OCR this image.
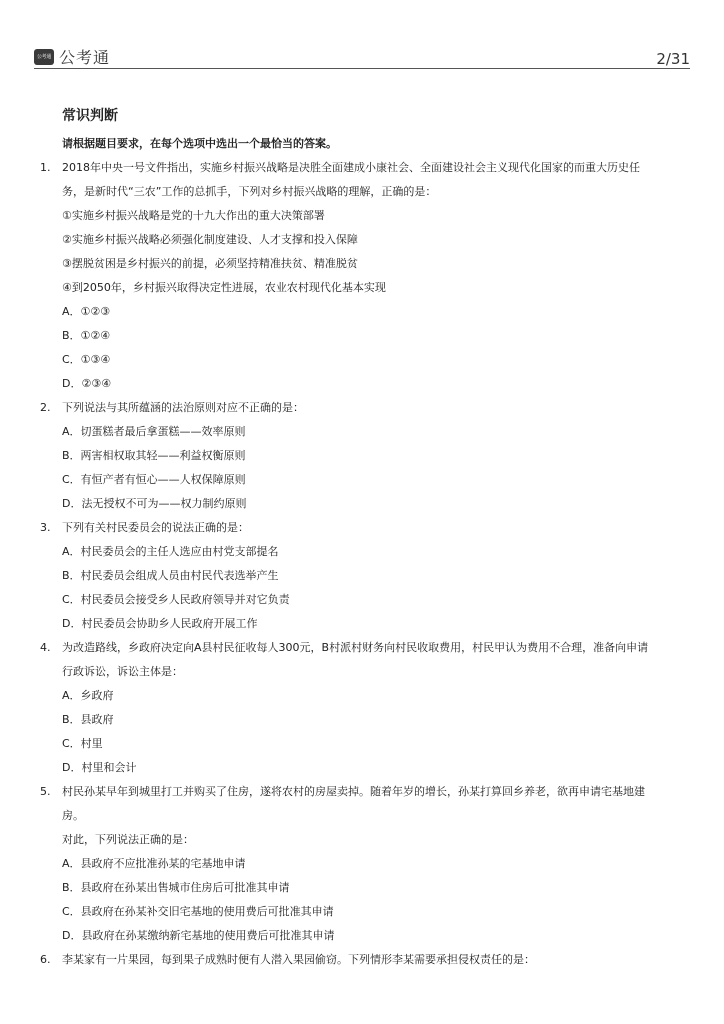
公考通 公考通	2/31
常识判断
请根据题目要求，在每个选项中选出一个最恰当的答案。
1. 2018年中央一号文件指出，实施乡村振兴战略是决胜全面建成小康社会、全面建设社会主义现代化国家的而重大历史任
务，是新时代“三农”工作的总抓手，下列对乡村振兴战略的理解，正确的是：
①实施乡村振兴战略是党的十九大作出的重大决策部署
②实施乡村振兴战略必须强化制度建设、人才支撑和投入保障
③摆脱贫困是乡村振兴的前提，必须坚持精准扶贫、精准脱贫
④到2050年，乡村振兴取得决定性进展，农业农村现代化基本实现
A．①②③
B．①②④
C．①③④
D．②③④
2. 下列说法与其所蕴涵的法治原则对应不正确的是：
A．切蛋糕者最后拿蛋糕——效率原则
B．两害相权取其轻——利益权衡原则
C．有恒产者有恒心——人权保障原则
D．法无授权不可为——权力制约原则
3. 下列有关村民委员会的说法正确的是：
A．村民委员会的主任人选应由村党支部提名
B．村民委员会组成人员由村民代表选举产生
C．村民委员会接受乡人民政府领导并对它负责
D．村民委员会协助乡人民政府开展工作
4. 为改造路线，乡政府决定向A县村民征收每人300元，B村派村财务向村民收取费用，村民甲认为费用不合理，准备向申请
行政诉讼，诉讼主体是：
A．乡政府
B．县政府
C．村里
D．村里和会计
5. 村民孙某早年到城里打工并购买了住房，遂将农村的房屋卖掉。随着年岁的增长，孙某打算回乡养老，欲再申请宅基地建
房。
对此，下列说法正确的是：
A．县政府不应批准孙某的宅基地申请
B．县政府在孙某出售城市住房后可批准其申请
C．县政府在孙某补交旧宅基地的使用费后可批准其申请
D．县政府在孙某缴纳新宅基地的使用费后可批准其申请
6. 李某家有一片果园，每到果子成熟时便有人潜入果园偷窃。下列情形李某需要承担侵权责任的是：
